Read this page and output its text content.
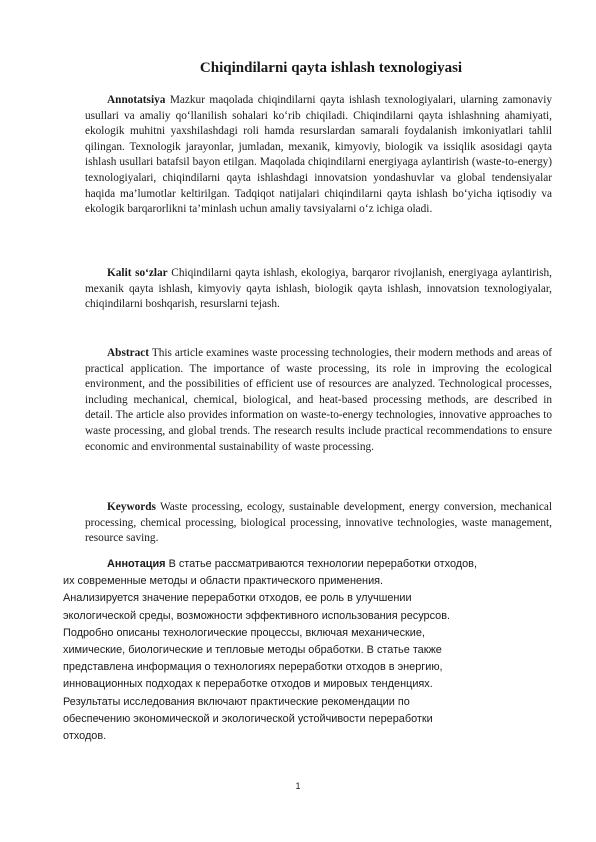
Chiqindilarni qayta ishlash texnologiyasi

Annotatsiya Mazkur maqolada chiqindilarni qayta ishlash texnologiyalari, ularning zamonaviy usullari va amaliy qo‘llanilish sohalari ko‘rib chiqiladi. Chiqindilarni qayta ishlashning ahamiyati, ekologik muhitni yaxshilashdagi roli hamda resurslardan samarali foydalanish imkoniyatlari tahlil qilingan. Texnologik jarayonlar, jumladan, mexanik, kimyoviy, biologik va issiqlik asosidagi qayta ishlash usullari batafsil bayon etilgan. Maqolada chiqindilarni energiyaga aylantirish (waste-to-energy) texnologiyalari, chiqindilarni qayta ishlashdagi innovatsion yondashuvlar va global tendensiyalar haqida ma’lumotlar keltirilgan. Tadqiqot natijalari chiqindilarni qayta ishlash bo‘yicha iqtisodiy va ekologik barqarorlikni ta’minlash uchun amaliy tavsiyalarni o‘z ichiga oladi.

Kalit so‘zlar Chiqindilarni qayta ishlash, ekologiya, barqaror rivojlanish, energiyaga aylantirish, mexanik qayta ishlash, kimyoviy qayta ishlash, biologik qayta ishlash, innovatsion texnologiyalar, chiqindilarni boshqarish, resurslarni tejash.

Abstract This article examines waste processing technologies, their modern methods and areas of practical application. The importance of waste processing, its role in improving the ecological environment, and the possibilities of efficient use of resources are analyzed. Technological processes, including mechanical, chemical, biological, and heat-based processing methods, are described in detail. The article also provides information on waste-to-energy technologies, innovative approaches to waste processing, and global trends. The research results include practical recommendations to ensure economic and environmental sustainability of waste processing.

Keywords Waste processing, ecology, sustainable development, energy conversion, mechanical processing, chemical processing, biological processing, innovative technologies, waste management, resource saving.

Аннотация В статье рассматриваются технологии переработки отходов,
их современные методы и области практического применения.
Анализируется значение переработки отходов, ее роль в улучшении
экологической среды, возможности эффективного использования ресурсов.
Подробно описаны технологические процессы, включая механические,
химические, биологические и тепловые методы обработки. В статье также
представлена информация о технологиях переработки отходов в энергию,
инновационных подходах к переработке отходов и мировых тенденциях.
Результаты исследования включают практические рекомендации по
обеспечению экономической и экологической устойчивости переработки
отходов.

1
